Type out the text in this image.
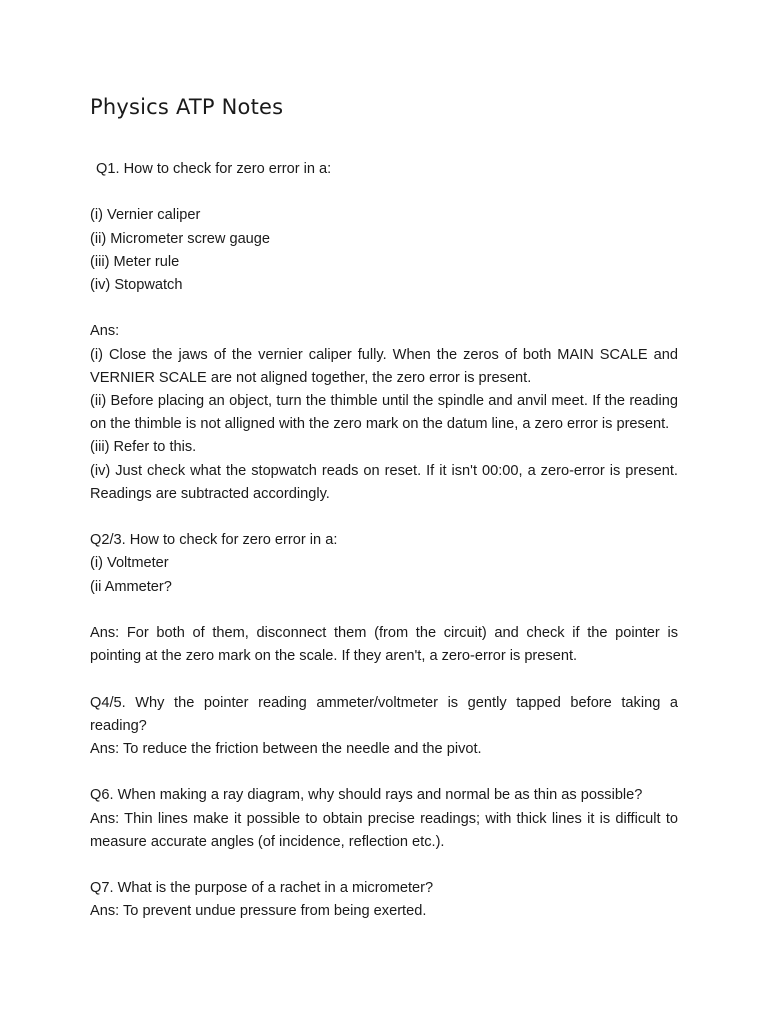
Physics ATP Notes
Q1. How to check for zero error in a:
(i) Vernier caliper
(ii) Micrometer screw gauge
(iii) Meter rule
(iv) Stopwatch
Ans:
(i) Close the jaws of the vernier caliper fully. When the zeros of both MAIN SCALE and VERNIER SCALE are not aligned together, the zero error is present.
(ii) Before placing an object, turn the thimble until the spindle and anvil meet. If the reading on the thimble is not alligned with the zero mark on the datum line, a zero error is present.
(iii) Refer to this.
(iv) Just check what the stopwatch reads on reset. If it isn't 00:00, a zero-error is present. Readings are subtracted accordingly.
Q2/3. How to check for zero error in a:
(i) Voltmeter
(ii Ammeter?
Ans: For both of them, disconnect them (from the circuit) and check if the pointer is pointing at the zero mark on the scale. If they aren't, a zero-error is present.
Q4/5. Why the pointer reading ammeter/voltmeter is gently tapped before taking a reading?
Ans: To reduce the friction between the needle and the pivot.
Q6. When making a ray diagram, why should rays and normal be as thin as possible?
Ans: Thin lines make it possible to obtain precise readings; with thick lines it is difficult to measure accurate angles (of incidence, reflection etc.).
Q7. What is the purpose of a rachet in a micrometer?
Ans: To prevent undue pressure from being exerted.
